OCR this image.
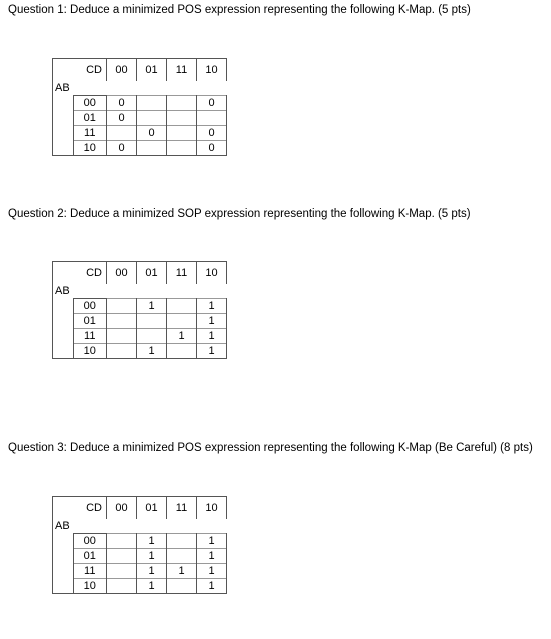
Question 1: Deduce a minimized POS expression representing the following K-Map. (5 pts)
	CD	00	01	11	10
AB					
	00	0			0
	01	0			
	11		0		0
	10	0			0
Question 2: Deduce a minimized SOP expression representing the following K-Map. (5 pts)
	CD	00	01	11	10
AB					
	00		1		1
	01				1
	11			1	1
	10		1		1
Question 3: Deduce a minimized POS expression representing the following K-Map (Be Careful) (8 pts)
	CD	00	01	11	10
AB					
	00		1		1
	01		1		1
	11		1	1	1
	10		1		1
